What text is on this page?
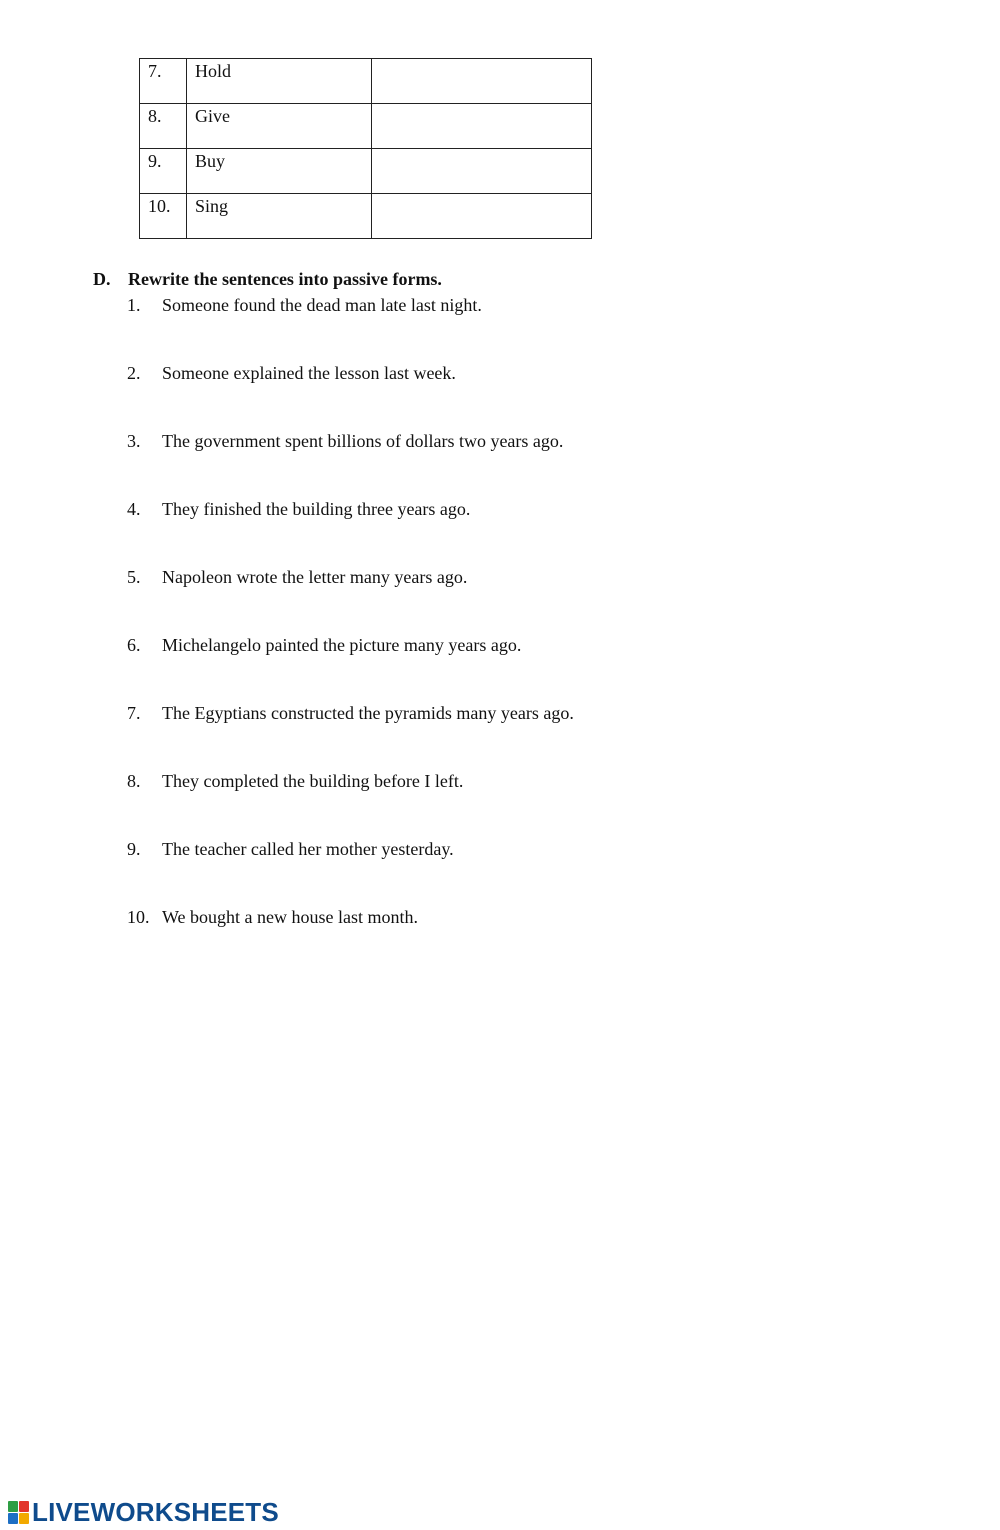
7.	Hold	
8.	Give	
9.	Buy	
10.	Sing	
D. Rewrite the sentences into passive forms.
1. Someone found the dead man late last night.
2. Someone explained the lesson last week.
3. The government spent billions of dollars two years ago.
4. They finished the building three years ago.
5. Napoleon wrote the letter many years ago.
6. Michelangelo painted the picture many years ago.
7. The Egyptians constructed the pyramids many years ago.
8. They completed the building before I left.
9. The teacher called her mother yesterday.
10. We bought a new house last month.
LIVEWORKSHEETS
